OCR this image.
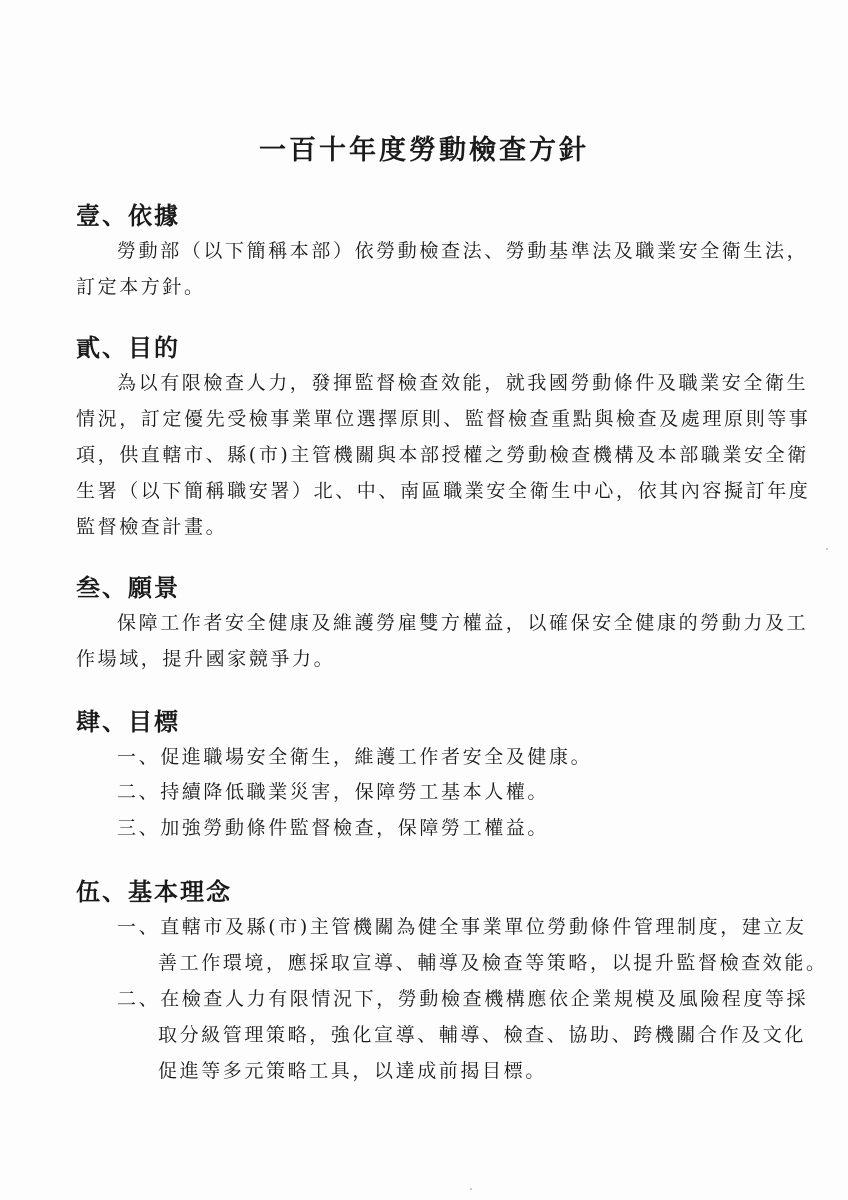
一百十年度勞動檢查方針
壹、依據
勞動部（以下簡稱本部）依勞動檢查法、勞動基準法及職業安全衛生法，
訂定本方針。
貳、目的
為以有限檢查人力，發揮監督檢查效能，就我國勞動條件及職業安全衛生
情況，訂定優先受檢事業單位選擇原則、監督檢查重點與檢查及處理原則等事
項，供直轄市、縣(市)主管機關與本部授權之勞動檢查機構及本部職業安全衛
生署（以下簡稱職安署）北、中、南區職業安全衛生中心，依其內容擬訂年度
監督檢查計畫。
叁、願景
保障工作者安全健康及維護勞雇雙方權益，以確保安全健康的勞動力及工
作場域，提升國家競爭力。
肆、目標
一、促進職場安全衛生，維護工作者安全及健康。
二、持續降低職業災害，保障勞工基本人權。
三、加強勞動條件監督檢查，保障勞工權益。
伍、基本理念
一、直轄市及縣(市)主管機關為健全事業單位勞動條件管理制度，建立友
善工作環境，應採取宣導、輔導及檢查等策略，以提升監督檢查效能。
二、在檢查人力有限情況下，勞動檢查機構應依企業規模及風險程度等採
取分級管理策略，強化宣導、輔導、檢查、協助、跨機關合作及文化
促進等多元策略工具，以達成前揭目標。
